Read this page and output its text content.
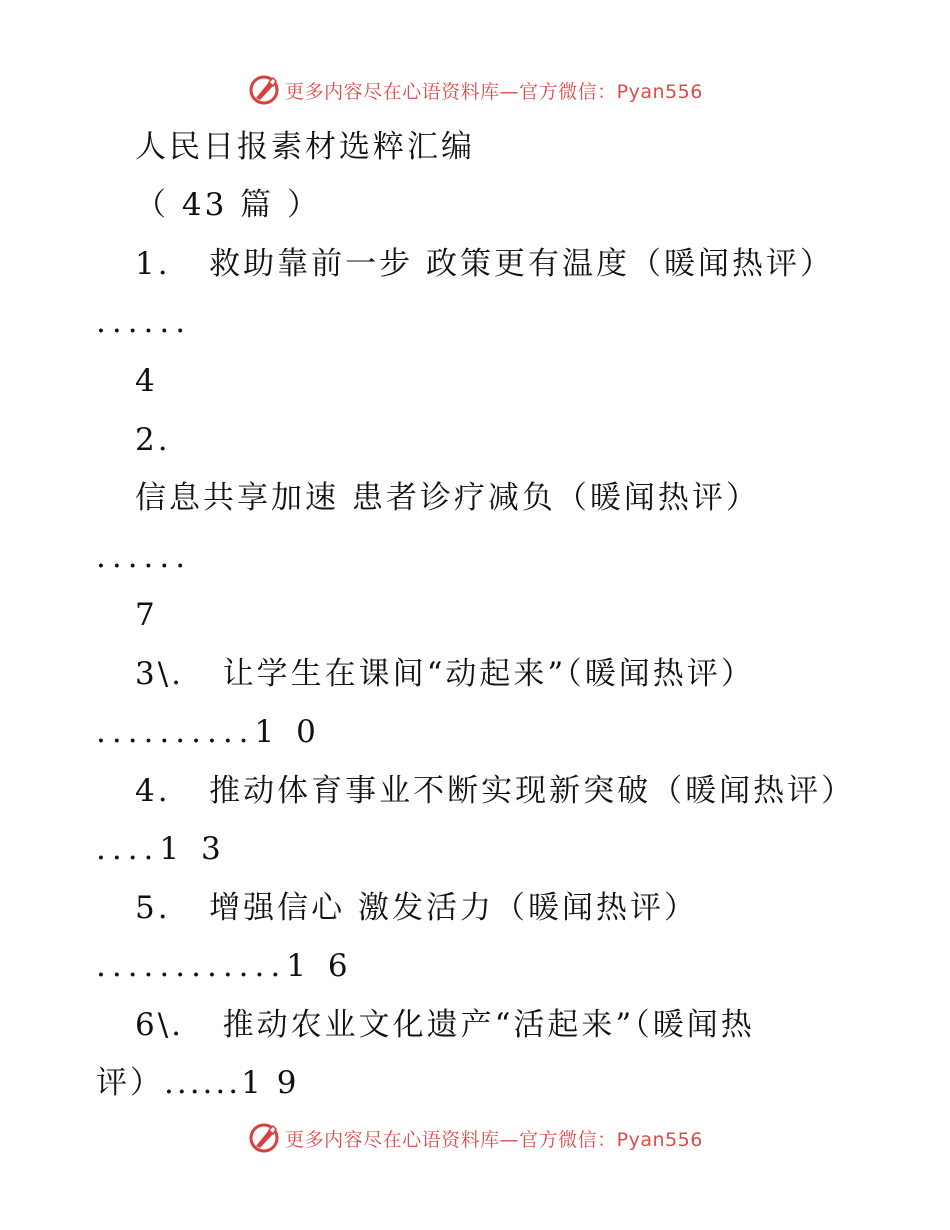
更多内容尽在心语资料库—官方微信：Pyan556

人民日报素材选粹汇编

（ 43 篇 ）

1.   救助靠前一步 政策更有温度（暖闻热评）

......

4

2.

信息共享加速 患者诊疗减负（暖闻热评）

......

7

3\.   让学生在课间“动起来”（暖闻热评）

..........1 0

4.   推动体育事业不断实现新突破（暖闻热评）

....1 3

5.   增强信心 激发活力（暖闻热评）

............1 6

6\.   推动农业文化遗产“活起来”（暖闻热

评）......1 9

更多内容尽在心语资料库—官方微信：Pyan556
